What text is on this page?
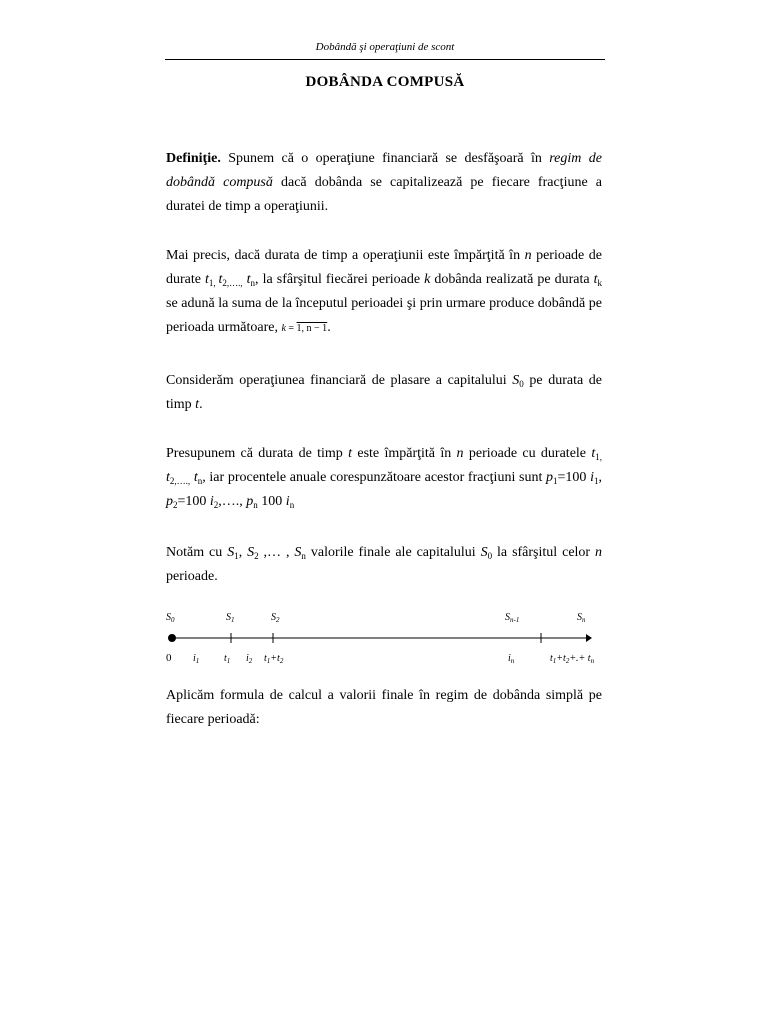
Dobândă şi operaţiuni de scont
DOBÂNDA COMPUSĂ
Definiţie. Spunem că o operaţiune financiară se desfăşoară în regim de dobândă compusă dacă dobânda se capitalizează pe fiecare fracţiune a duratei de timp a operaţiunii.
Mai precis, dacă durata de timp a operaţiunii este împărţită în n perioade de durate $t_{1,}$ $t_{2,\dots.,}$ $t_n$, la sfârşitul fiecărei perioade k dobânda realizată pe durata $t_k$ se adună la suma de la începutul perioadei şi prin urmare produce dobândă pe perioada următoare, k = 1, n − 1.
Considerăm operaţiunea financiară de plasare a capitalului $S_0$ pe durata de timp t.
Presupunem că durata de timp t este împărţită în n perioade cu duratele $t_{1,}$ $t_{2,\dots.,}$ $t_n$, iar procentele anuale corespunzătoare acestor fracţiuni sunt $p_1=100$ $i_1$, $p_2=100$ $i_2,\dots$., $p_n$ 100 $i_n$
Notăm cu $S_1$, $S_2$ ,… , $S_n$ valorile finale ale capitalului $S_0$ la sfârşitul celor n perioade.
$S_0$	$S_1$	$S_2$	$S_{n-1}$	$S_n$
0 $i_1$ $t_1$ $i_2$ $t_1+t_2$	$i_n$	$t_1+t_2+.+ t_n$
Aplicăm formula de calcul a valorii finale în regim de dobânda simplă pe fiecare perioadă:
